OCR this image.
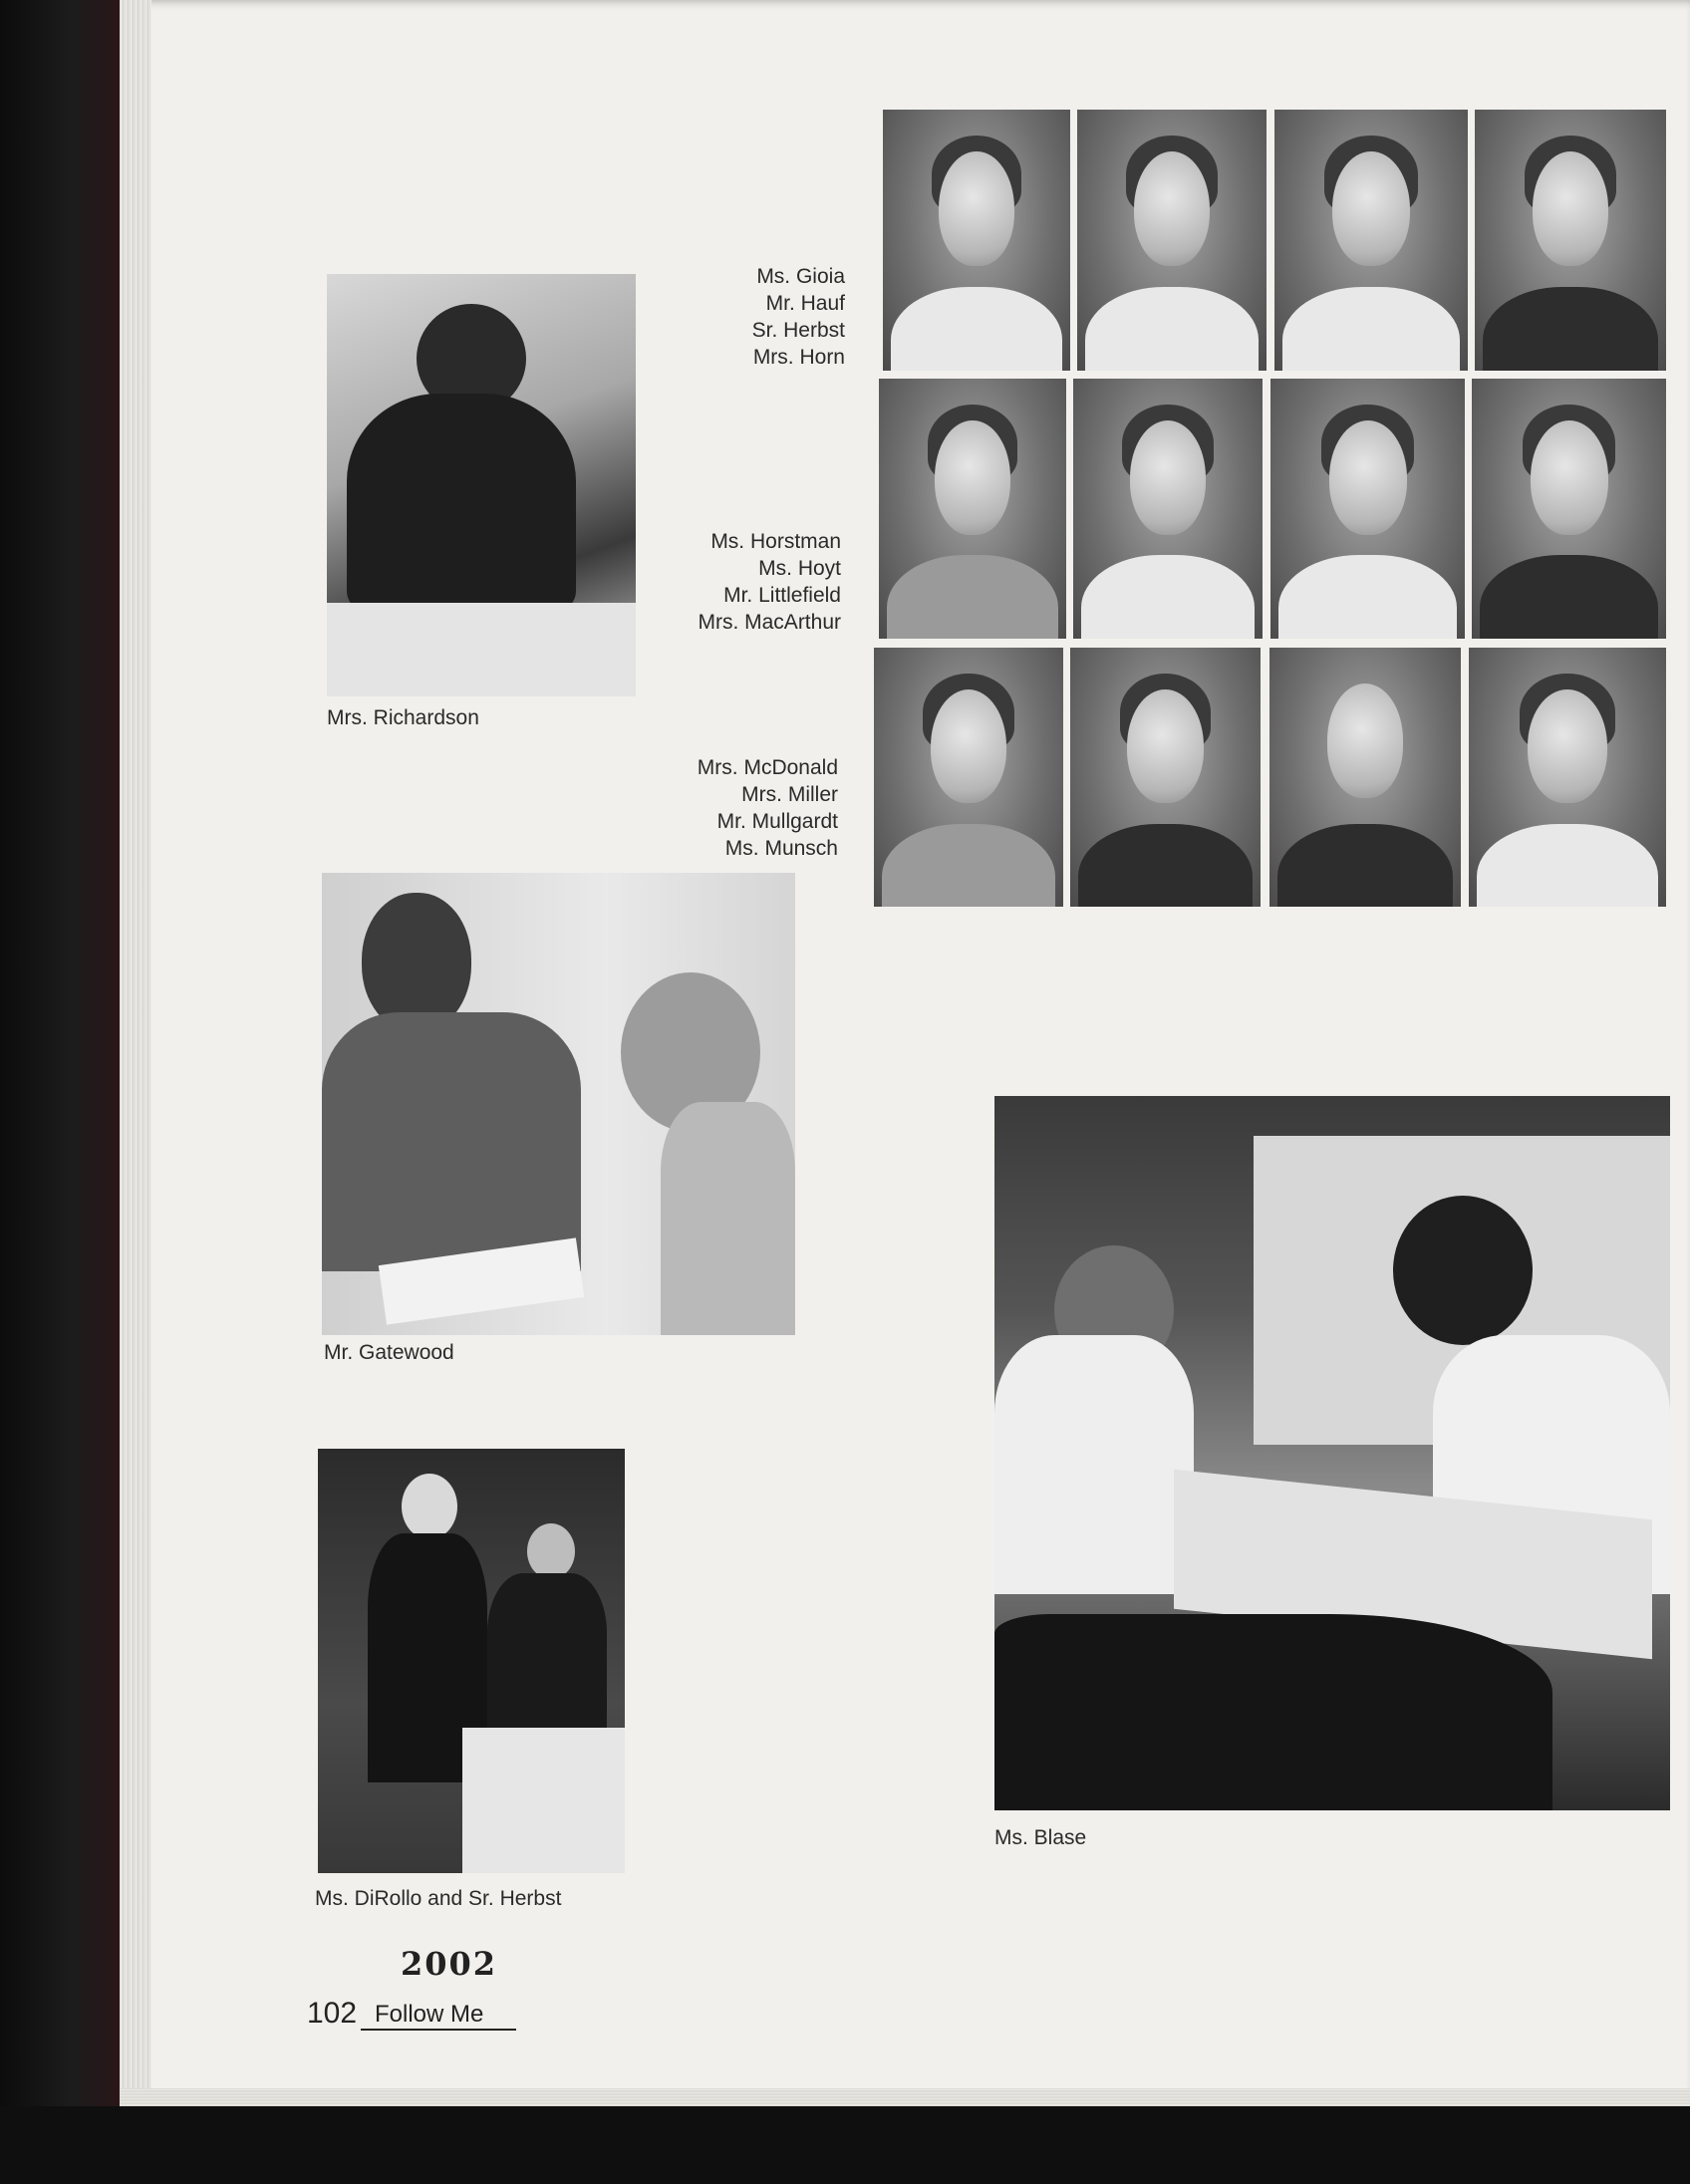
Ms. Gioia
Mr. Hauf
Sr. Herbst
Mrs. Horn
Ms. Horstman
Ms. Hoyt
Mr. Littlefield
Mrs. MacArthur
Mrs. McDonald
Mrs. Miller
Mr. Mullgardt
Ms. Munsch
Mrs. Richardson
Mr. Gatewood
Ms. DiRollo and Sr. Herbst
Ms. Blase
2002
102 Follow Me
